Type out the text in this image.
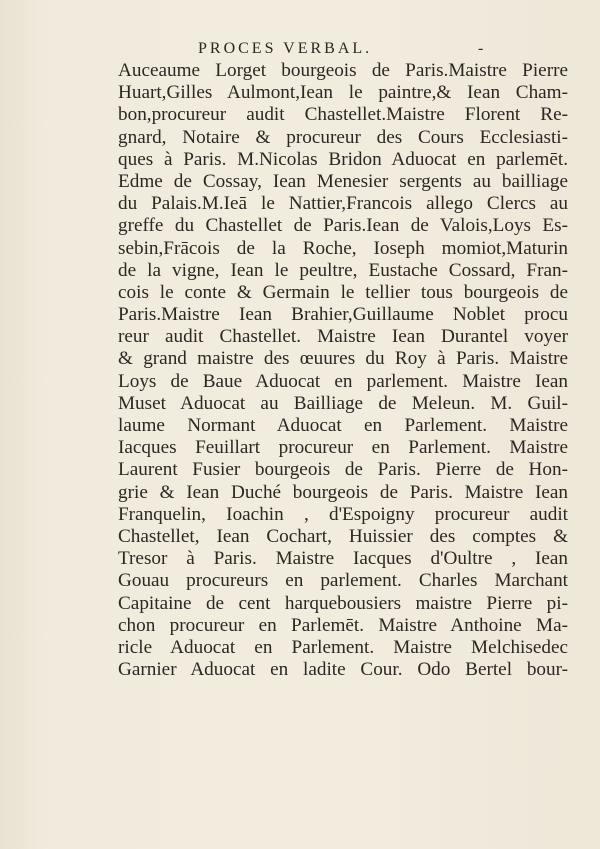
PROCES VERBAL.	-
Auceaume Lorget bourgeois de Paris.Maistre Pierre
Huart,Gilles Aulmont,Iean le paintre,& Iean Cham-
bon,procureur audit Chastellet.Maistre Florent Re-
gnard, Notaire & procureur des Cours Ecclesiasti-
ques à Paris. M.Nicolas Bridon Aduocat en parlemēt.
Edme de Cossay, Iean Menesier sergents au bailliage
du Palais.M.Ieā le Nattier,Francois allego Clercs au
greffe du Chastellet de Paris.Iean de Valois,Loys Es-
sebin,Frācois de la Roche, Ioseph momiot,Maturin
de la vigne, Iean le peultre, Eustache Cossard, Fran-
cois le conte & Germain le tellier tous bourgeois de
Paris.Maistre Iean Brahier,Guillaume Noblet procu
reur audit Chastellet. Maistre Iean Durantel voyer
& grand maistre des œuures du Roy à Paris. Maistre
Loys de Baue Aduocat en parlement. Maistre Iean
Muset Aduocat au Bailliage de Meleun. M. Guil-
laume Normant Aduocat en Parlement. Maistre
Iacques Feuillart procureur en Parlement. Maistre
Laurent Fusier bourgeois de Paris. Pierre de Hon-
grie & Iean Duché bourgeois de Paris. Maistre Iean
Franquelin, Ioachin , d'Espoigny procureur audit
Chastellet, Iean Cochart, Huissier des comptes &
Tresor à Paris. Maistre Iacques d'Oultre , Iean
Gouau procureurs en parlement. Charles Marchant
Capitaine de cent harquebousiers maistre Pierre pi-
chon procureur en Parlemēt. Maistre Anthoine Ma-
ricle Aduocat en Parlement. Maistre Melchisedec
Garnier Aduocat en ladite Cour. Odo Bertel bour-
